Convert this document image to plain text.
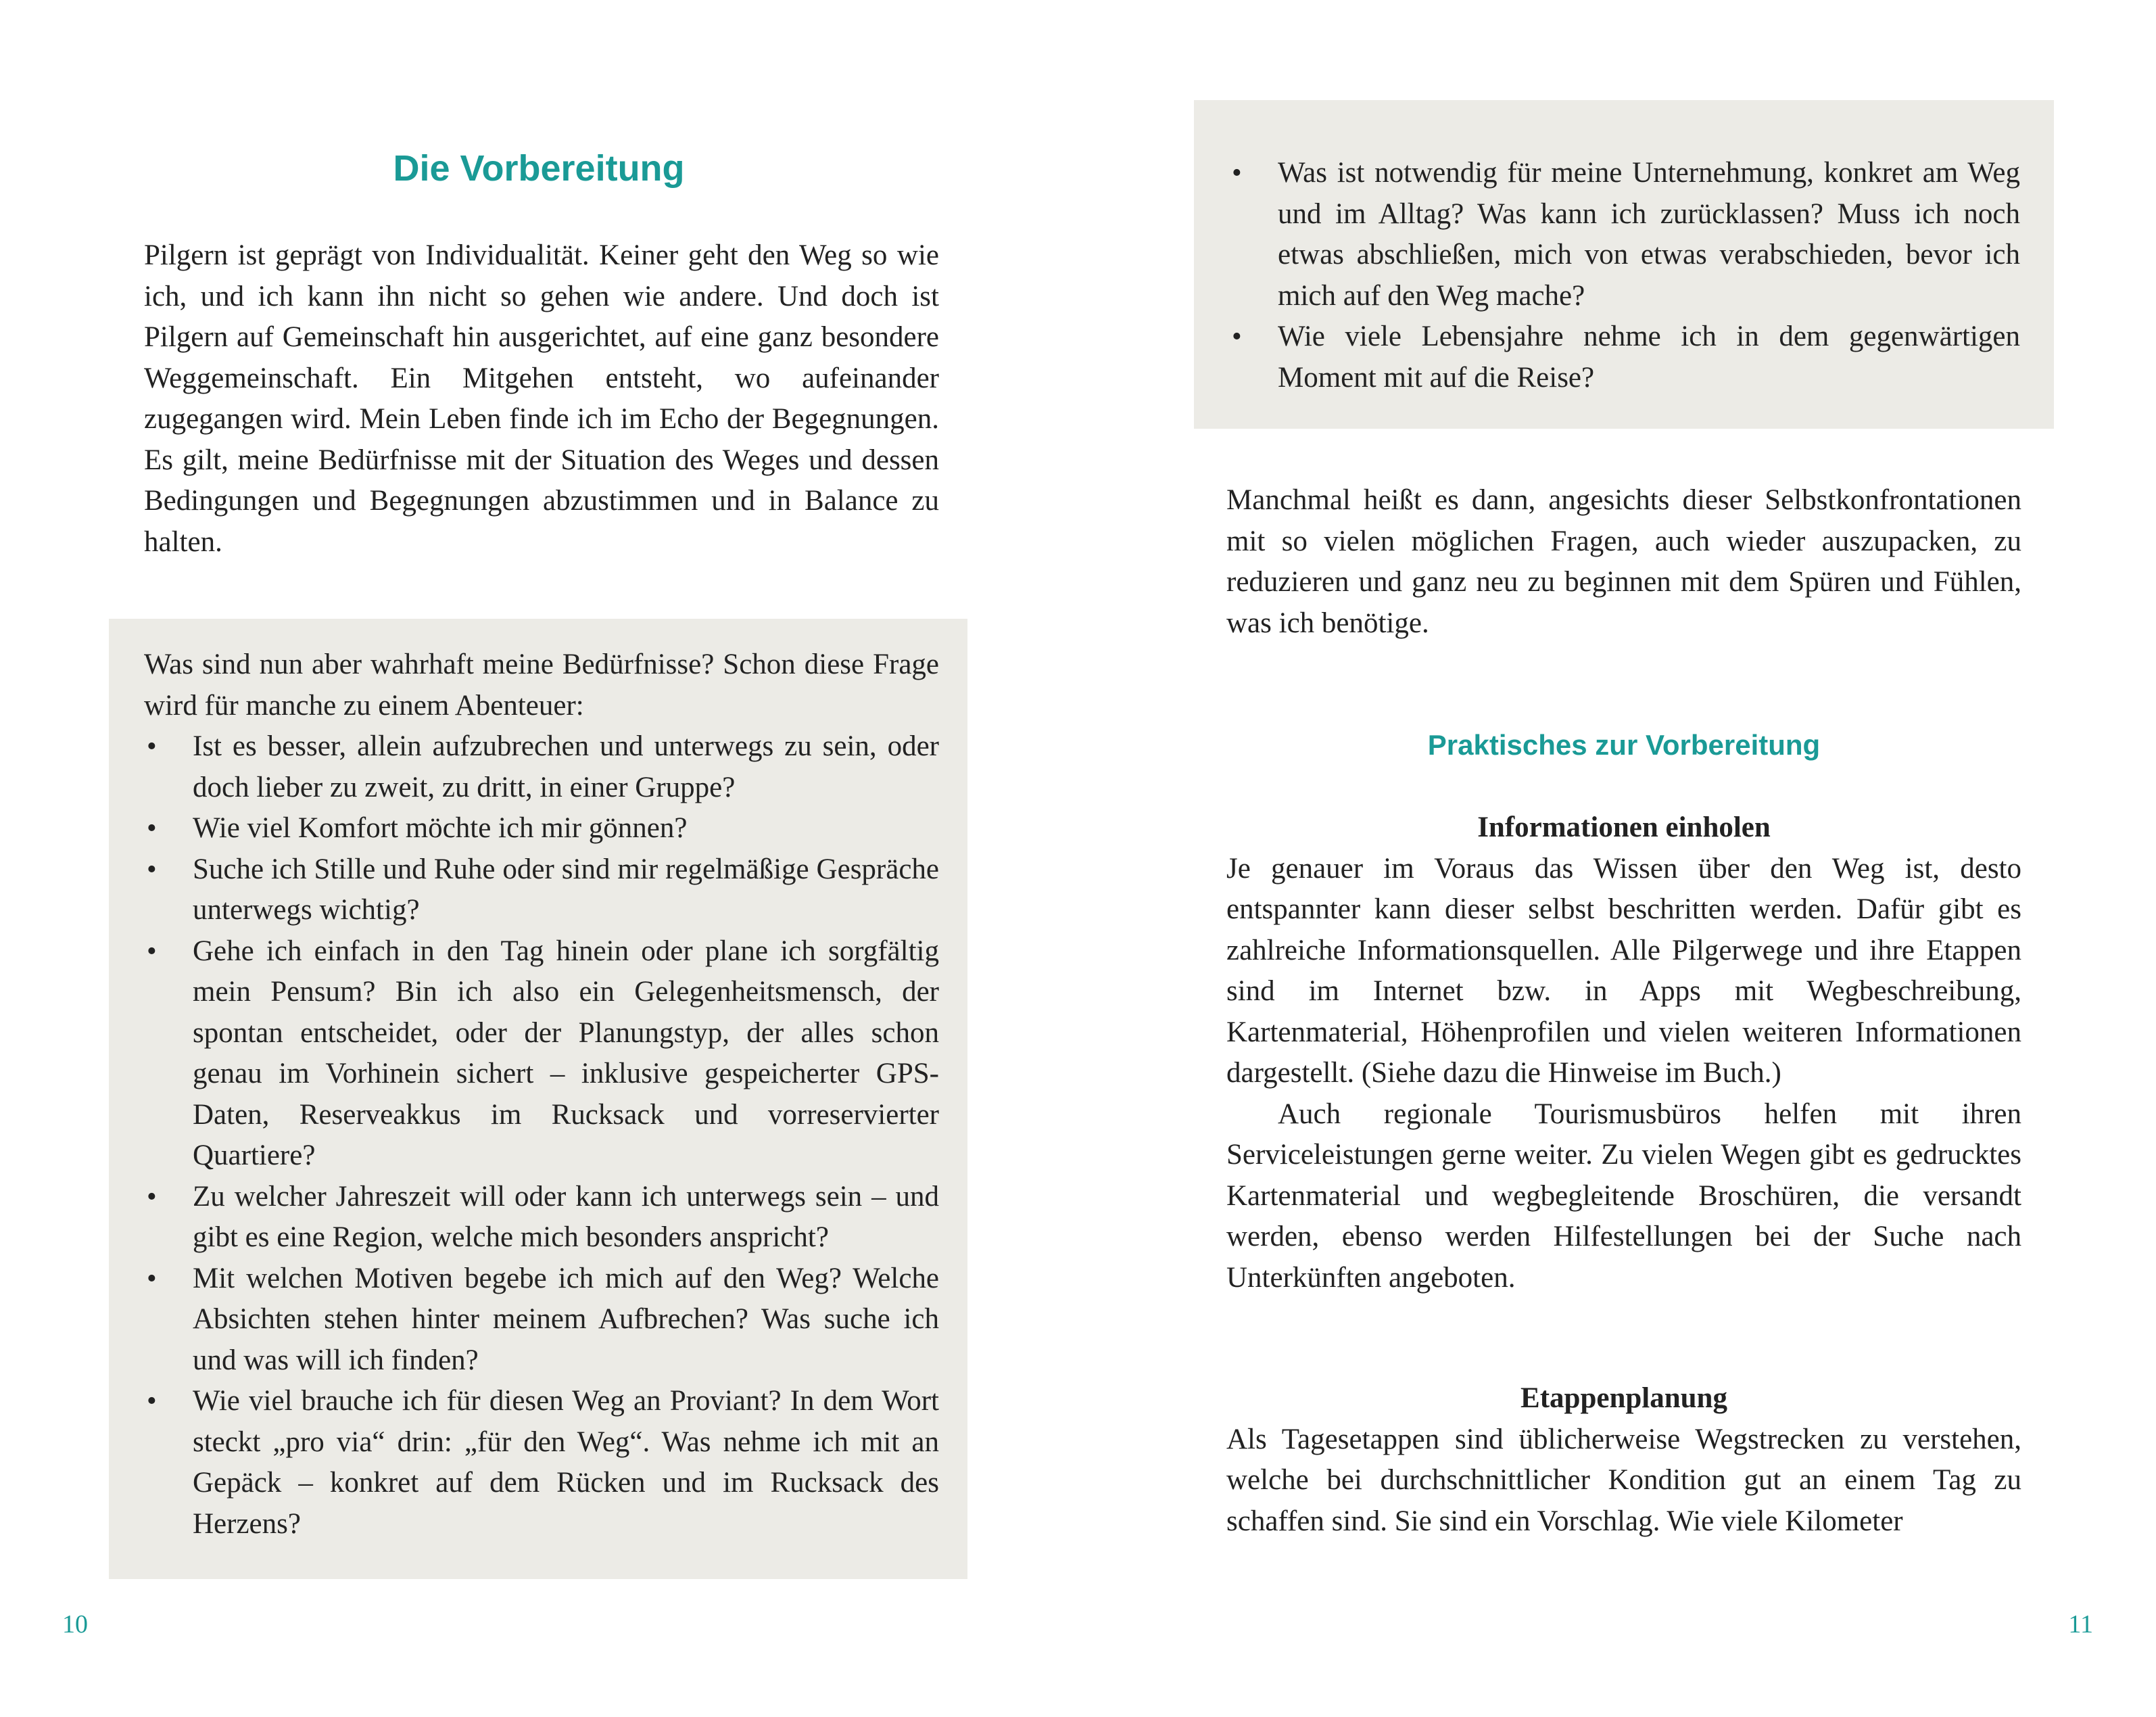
Die Vorbereitung

Pilgern ist geprägt von Individualität. Keiner geht den Weg so wie ich, und ich kann ihn nicht so gehen wie andere. Und doch ist Pilgern auf Gemeinschaft hin ausgerichtet, auf eine ganz besondere Weggemeinschaft. Ein Mitgehen entsteht, wo aufeinander zugegangen wird. Mein Leben finde ich im Echo der Begegnungen. Es gilt, meine Bedürfnisse mit der Situation des Weges und dessen Bedingungen und Begegnungen abzustimmen und in Balance zu halten.

Was sind nun aber wahrhaft meine Bedürfnisse? Schon diese Frage wird für manche zu einem Abenteuer:

• Ist es besser, allein aufzubrechen und unterwegs zu sein, oder doch lieber zu zweit, zu dritt, in einer Gruppe?
• Wie viel Komfort möchte ich mir gönnen?
• Suche ich Stille und Ruhe oder sind mir regelmäßige Gespräche unterwegs wichtig?
• Gehe ich einfach in den Tag hinein oder plane ich sorgfältig mein Pensum? Bin ich also ein Gelegenheitsmensch, der spontan entscheidet, oder der Planungstyp, der alles schon genau im Vorhinein sichert – inklusive gespeicherter GPS-Daten, Reserveakkus im Rucksack und vorreservierter Quartiere?
• Zu welcher Jahreszeit will oder kann ich unterwegs sein – und gibt es eine Region, welche mich besonders anspricht?
• Mit welchen Motiven begebe ich mich auf den Weg? Welche Absichten stehen hinter meinem Aufbrechen? Was suche ich und was will ich finden?
• Wie viel brauche ich für diesen Weg an Proviant? In dem Wort steckt „pro via“ drin: „für den Weg“. Was nehme ich mit an Gepäck – konkret auf dem Rücken und im Rucksack des Herzens?
10
• Was ist notwendig für meine Unternehmung, konkret am Weg und im Alltag? Was kann ich zurücklassen? Muss ich noch etwas abschließen, mich von etwas verabschieden, bevor ich mich auf den Weg mache?
• Wie viele Lebensjahre nehme ich in dem gegenwärtigen Moment mit auf die Reise?

Manchmal heißt es dann, angesichts dieser Selbstkonfrontationen mit so vielen möglichen Fragen, auch wieder auszupacken, zu reduzieren und ganz neu zu beginnen mit dem Spüren und Fühlen, was ich benötige.

Praktisches zur Vorbereitung

Informationen einholen

Je genauer im Voraus das Wissen über den Weg ist, desto entspannter kann dieser selbst beschritten werden. Dafür gibt es zahlreiche Informationsquellen. Alle Pilgerwege und ihre Etappen sind im Internet bzw. in Apps mit Wegbeschreibung, Kartenmaterial, Höhenprofilen und vielen weiteren Informationen dargestellt. (Siehe dazu die Hinweise im Buch.)

Auch regionale Tourismusbüros helfen mit ihren Serviceleistungen gerne weiter. Zu vielen Wegen gibt es gedrucktes Kartenmaterial und wegbegleitende Broschüren, die versandt werden, ebenso werden Hilfestellungen bei der Suche nach Unterkünften angeboten.

Etappenplanung

Als Tagesetappen sind üblicherweise Wegstrecken zu verstehen, welche bei durchschnittlicher Kondition gut an einem Tag zu schaffen sind. Sie sind ein Vorschlag. Wie viele Kilometer

11
